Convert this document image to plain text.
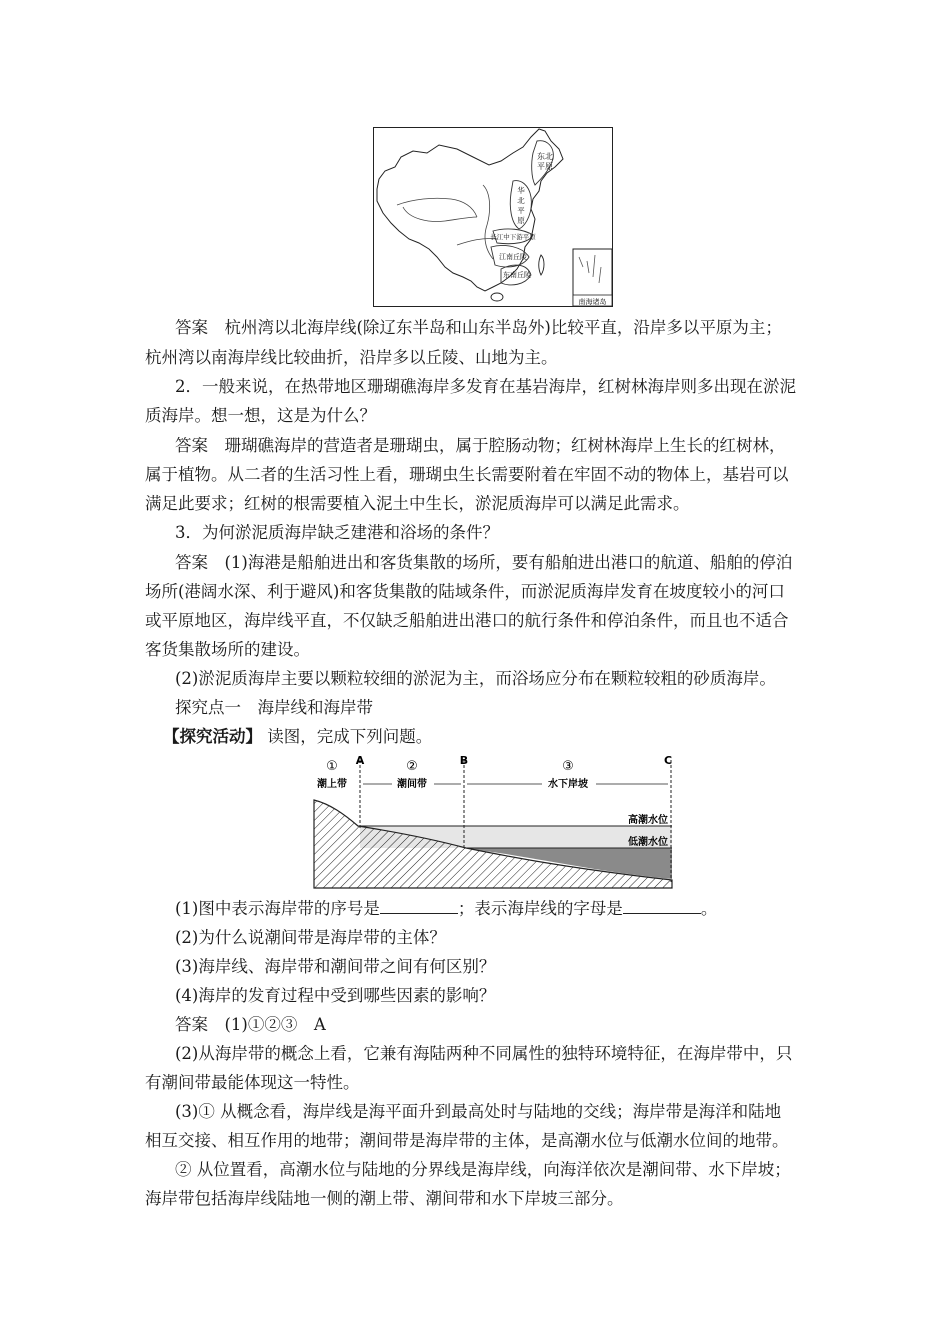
东北
平原
华
北
平
原
长江中下游平原
江南丘陵
东南丘陵
南海诸岛
答案　杭州湾以北海岸线(除辽东半岛和山东半岛外)比较平直，沿岸多以平原为主；
杭州湾以南海岸线比较曲折，沿岸多以丘陵、山地为主。
2．一般来说，在热带地区珊瑚礁海岸多发育在基岩海岸，红树林海岸则多出现在淤泥
质海岸。想一想，这是为什么？
答案　珊瑚礁海岸的营造者是珊瑚虫，属于腔肠动物；红树林海岸上生长的红树林，
属于植物。从二者的生活习性上看，珊瑚虫生长需要附着在牢固不动的物体上，基岩可以
满足此要求；红树的根需要植入泥土中生长，淤泥质海岸可以满足此需求。
3．为何淤泥质海岸缺乏建港和浴场的条件？
答案　(1)海港是船舶进出和客货集散的场所，要有船舶进出港口的航道、船舶的停泊
场所(港阔水深、利于避风)和客货集散的陆域条件，而淤泥质海岸发育在坡度较小的河口
或平原地区，海岸线平直，不仅缺乏船舶进出港口的航行条件和停泊条件，而且也不适合
客货集散场所的建设。
(2)淤泥质海岸主要以颗粒较细的淤泥为主，而浴场应分布在颗粒较粗的砂质海岸。
探究点一　海岸线和海岸带
【探究活动】 读图，完成下列问题。
A	B	C
①	②	③
潮上带	潮间带	水下岸坡
高潮水位
低潮水位
(1)图中表示海岸带的序号是	；表示海岸线的字母是	。
(2)为什么说潮间带是海岸带的主体？
(3)海岸线、海岸带和潮间带之间有何区别？
(4)海岸的发育过程中受到哪些因素的影响？
答案　(1)①②③　A
(2)从海岸带的概念上看，它兼有海陆两种不同属性的独特环境特征，在海岸带中，只
有潮间带最能体现这一特性。
(3)① 从概念看，海岸线是海平面升到最高处时与陆地的交线；海岸带是海洋和陆地
相互交接、相互作用的地带；潮间带是海岸带的主体，是高潮水位与低潮水位间的地带。
② 从位置看，高潮水位与陆地的分界线是海岸线，向海洋依次是潮间带、水下岸坡；
海岸带包括海岸线陆地一侧的潮上带、潮间带和水下岸坡三部分。
